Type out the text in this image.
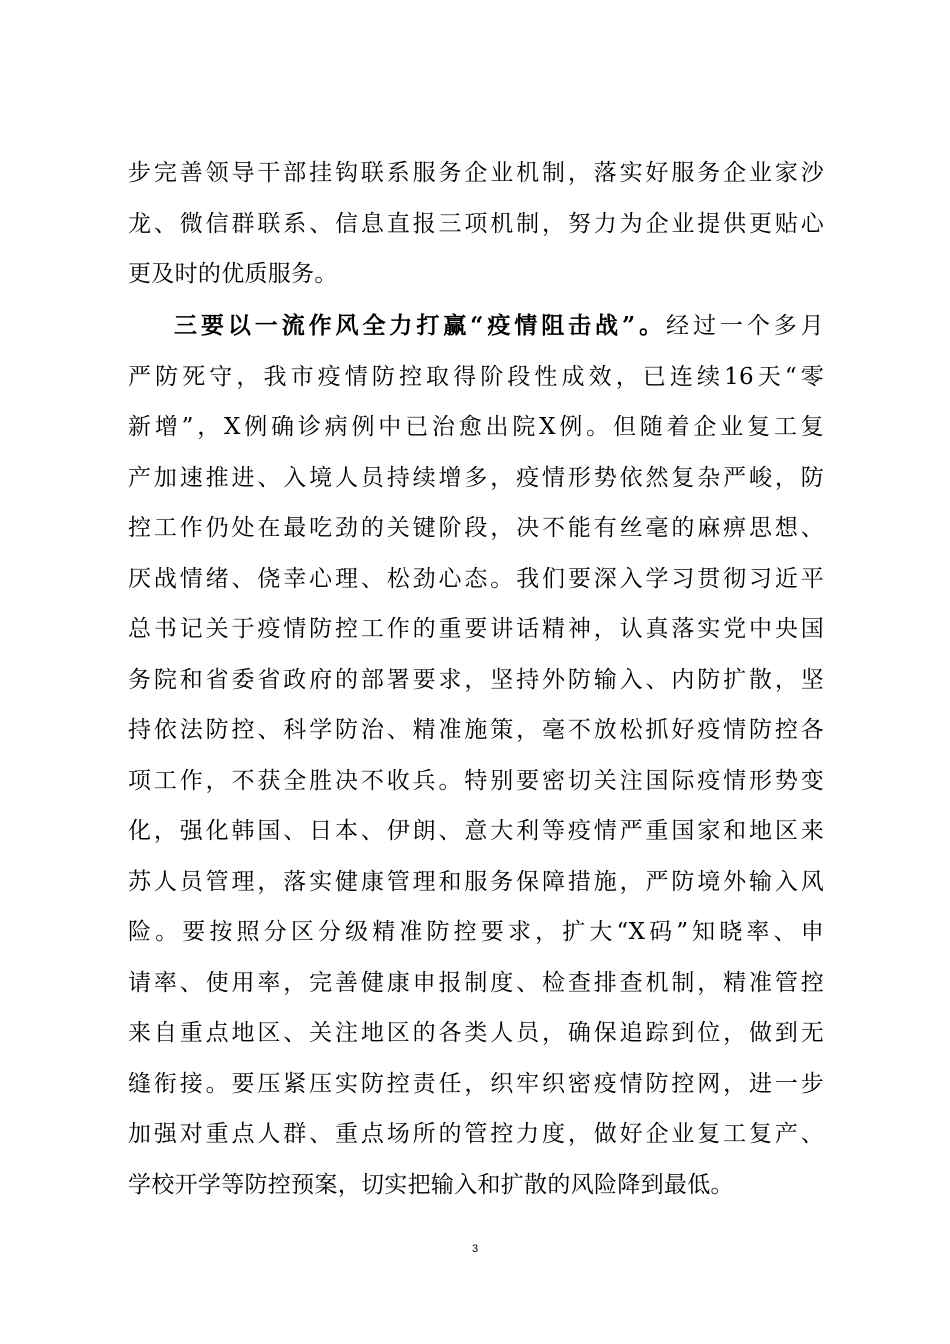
步完善领导干部挂钩联系服务企业机制，落实好服务企业家沙
龙、微信群联系、信息直报三项机制，努力为企业提供更贴心
更及时的优质服务。
三要以一流作风全力打赢“疫情阻击战”。经过一个多月
严防死守，我市疫情防控取得阶段性成效，已连续16天“零
新增”，X例确诊病例中已治愈出院X例。但随着企业复工复
产加速推进、入境人员持续增多，疫情形势依然复杂严峻，防
控工作仍处在最吃劲的关键阶段，决不能有丝毫的麻痹思想、
厌战情绪、侥幸心理、松劲心态。我们要深入学习贯彻习近平
总书记关于疫情防控工作的重要讲话精神，认真落实党中央国
务院和省委省政府的部署要求，坚持外防输入、内防扩散，坚
持依法防控、科学防治、精准施策，毫不放松抓好疫情防控各
项工作，不获全胜决不收兵。特别要密切关注国际疫情形势变
化，强化韩国、日本、伊朗、意大利等疫情严重国家和地区来
苏人员管理，落实健康管理和服务保障措施，严防境外输入风
险。要按照分区分级精准防控要求，扩大“X码”知晓率、申
请率、使用率，完善健康申报制度、检查排查机制，精准管控
来自重点地区、关注地区的各类人员，确保追踪到位，做到无
缝衔接。要压紧压实防控责任，织牢织密疫情防控网，进一步
加强对重点人群、重点场所的管控力度，做好企业复工复产、
学校开学等防控预案，切实把输入和扩散的风险降到最低。
3
